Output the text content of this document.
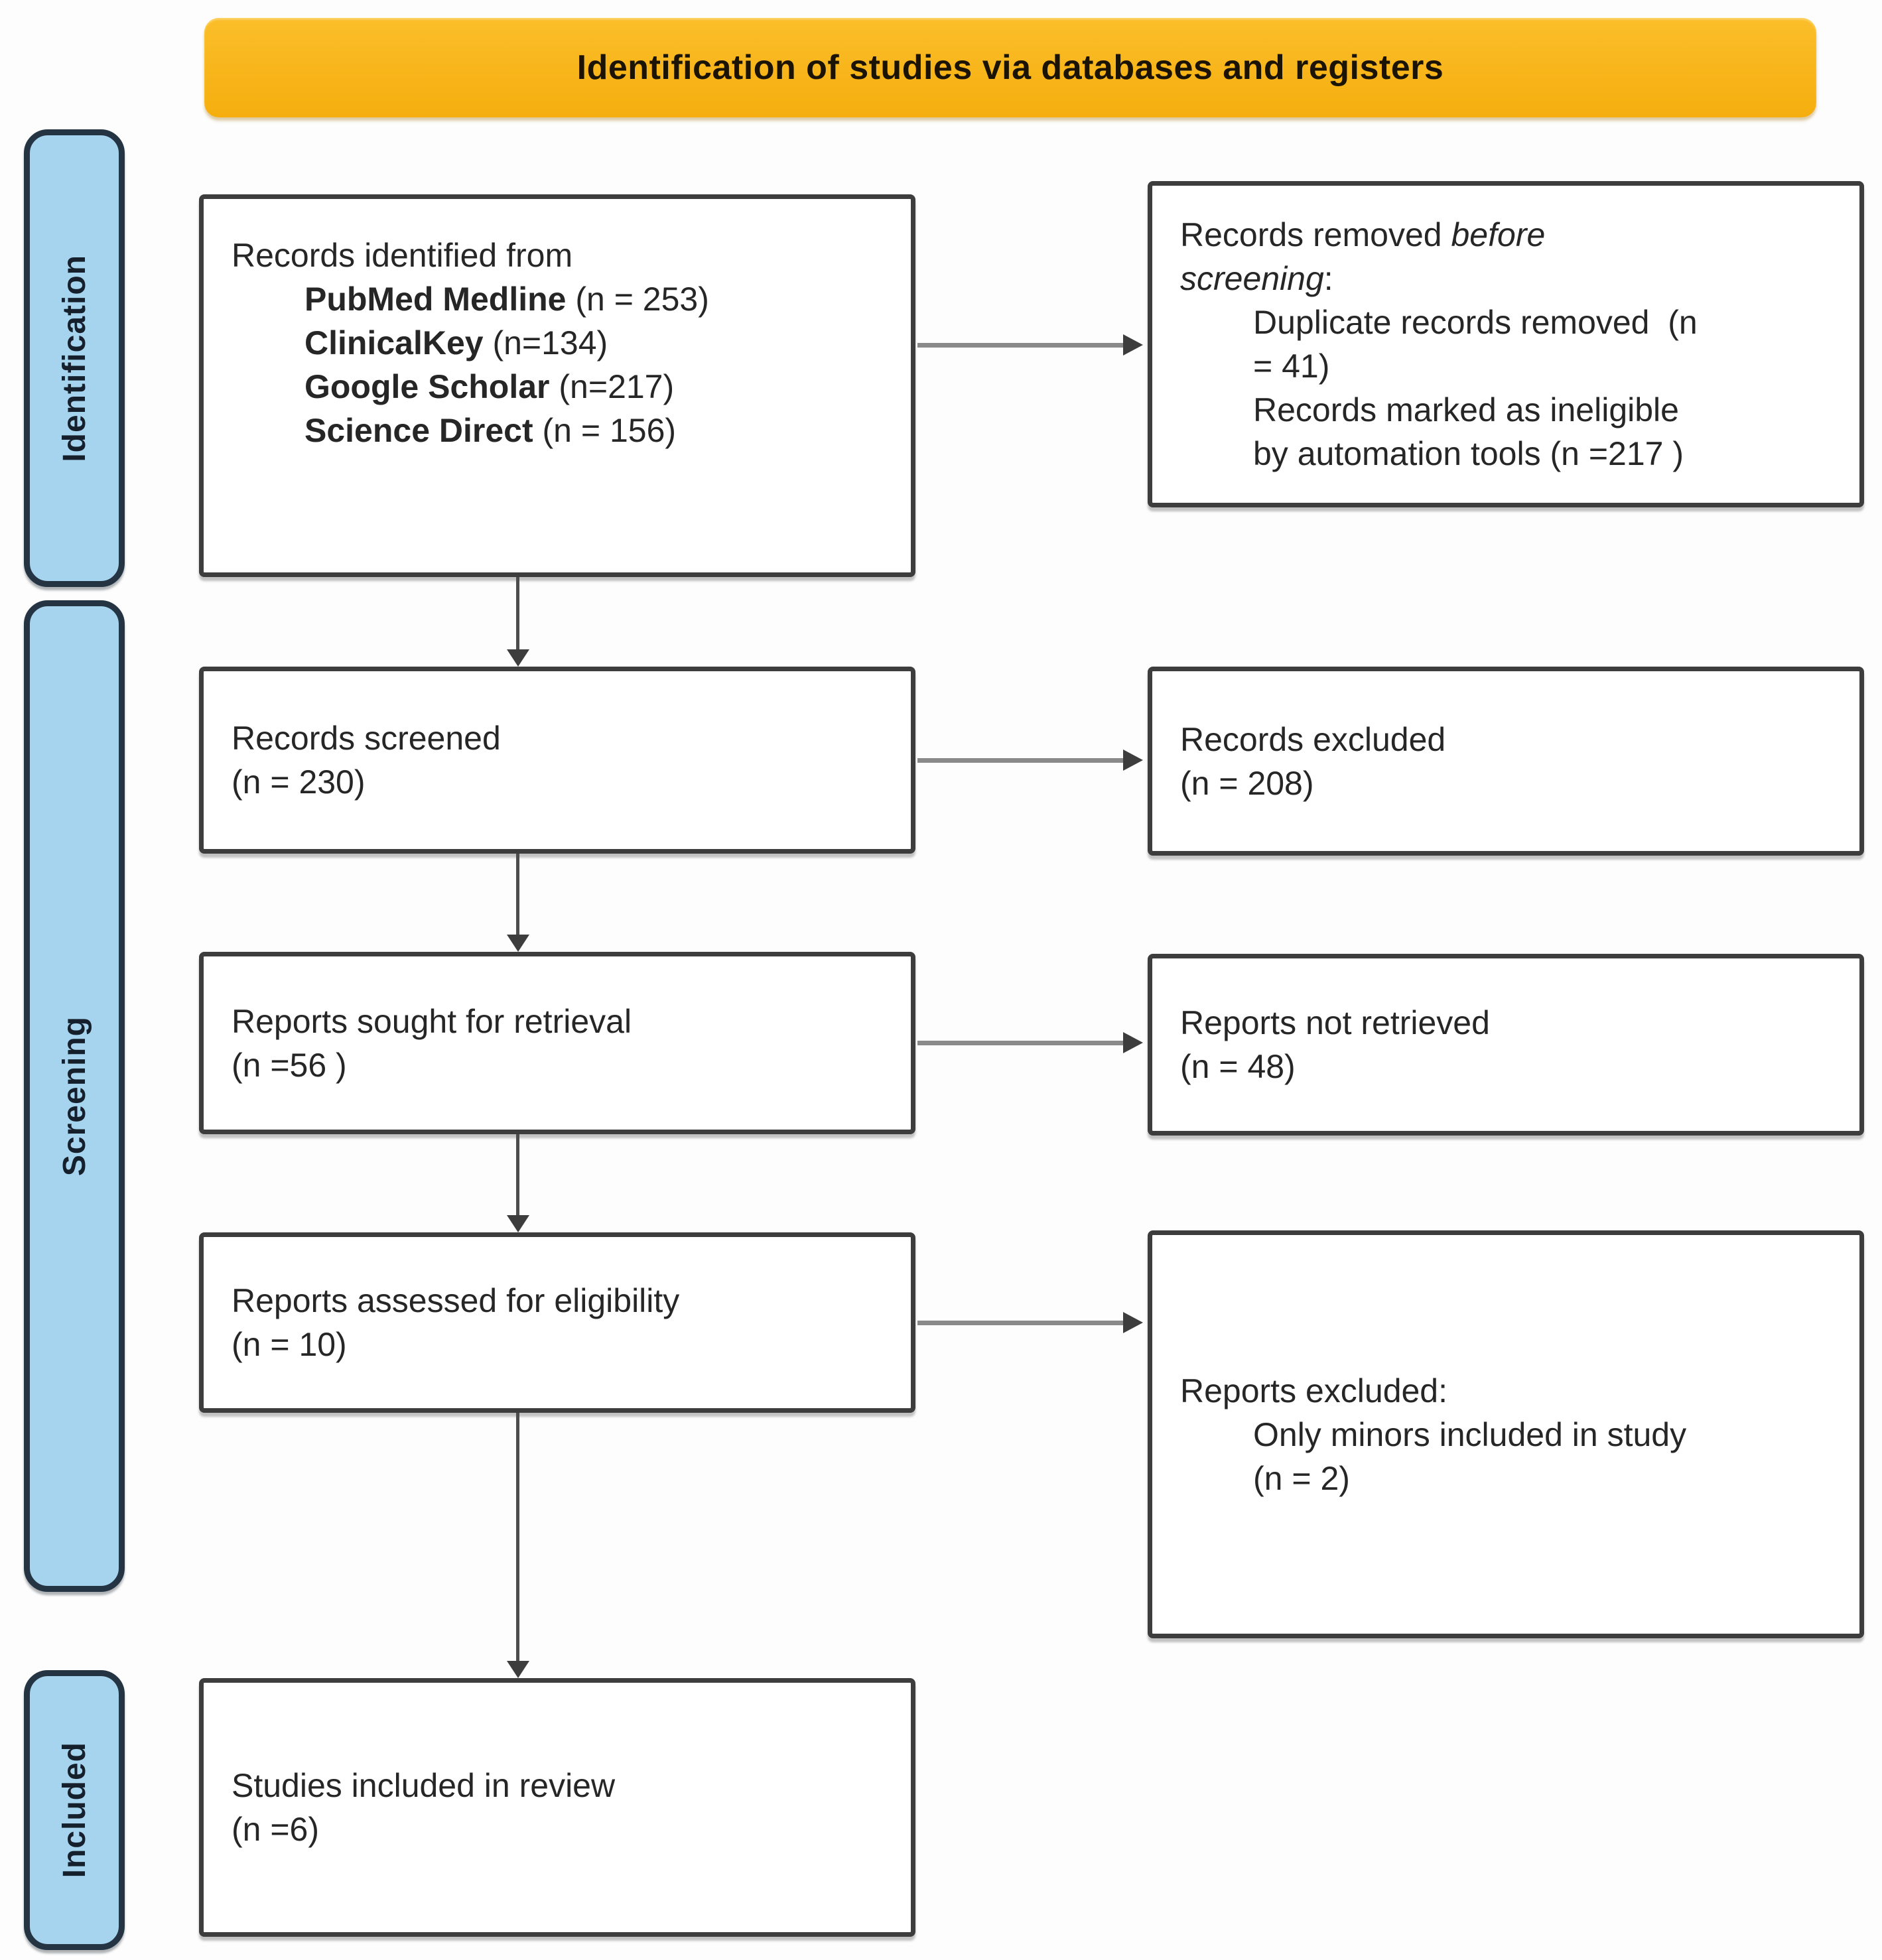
Identification of studies via databases and registers
Identification
Screening
Included
Records identified from
PubMed Medline (n = 253)
ClinicalKey (n=134)
Google Scholar (n=217)
Science Direct (n = 156)
Records screened
(n = 230)
Reports sought for retrieval
(n =56 )
Reports assessed for eligibility
(n = 10)
Studies included in review
(n =6)
Records removed before
screening:
Duplicate records removed  (n
= 41)
Records marked as ineligible
by automation tools (n =217 )
Records excluded
(n = 208)
Reports not retrieved
(n = 48)
Reports excluded:
Only minors included in study
(n = 2)
